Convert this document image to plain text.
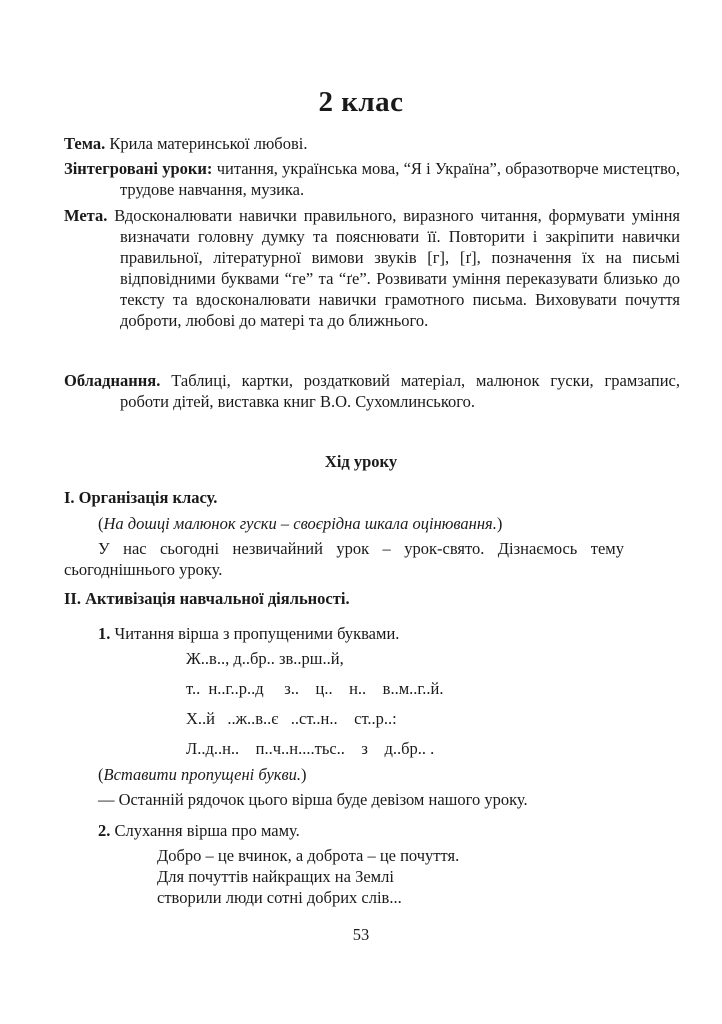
2 клас
Тема. Крила материнської любові.
Зінтегровані уроки: читання, українська мова, “Я і Україна”, образотворче мистецтво, трудове навчання, музика.
Мета. Вдосконалювати навички правильного, виразного читання, формувати уміння визначати головну думку та пояснювати її. Повторити і закріпити навички правильної, літературної вимови звуків [г], [ґ], позначення їх на письмі відповідними буквами “ге” та “ґе”. Розвивати уміння переказувати близько до тексту та вдосконалювати навички грамотного письма. Виховувати почуття доброти, любові до матері та до ближнього.
Обладнання. Таблиці, картки, роздатковий матеріал, малюнок гуски, грамзапис, роботи дітей, виставка книг В.О. Сухомлинського.
Хід уроку
I. Організація класу.
(На дошці малюнок гуски – своєрідна шкала оцінювання.)
У нас сьогодні незвичайний урок – урок-свято. Дізнаємось тему сьогоднішнього уроку.
II. Активізація навчальної діяльності.
1. Читання вірша з пропущеними буквами.
Ж..в.., д..бр.. зв..рш..й,
т..  н..г..р..д     з..    ц..    н..    в..м..г..й.
Х..й   ..ж..в..є   ..ст..н..    ст..р..:
Л..д..н..    п..ч..н....тьс..    з    д..бр.. .
(Вставити пропущені букви.)
— Останній рядочок цього вірша буде девізом нашого уроку.
2. Слухання вірша про маму.
Добро – це вчинок, а доброта – це почуття.
Для почуттів найкращих на Землі
створили люди сотні добрих слів...
53
